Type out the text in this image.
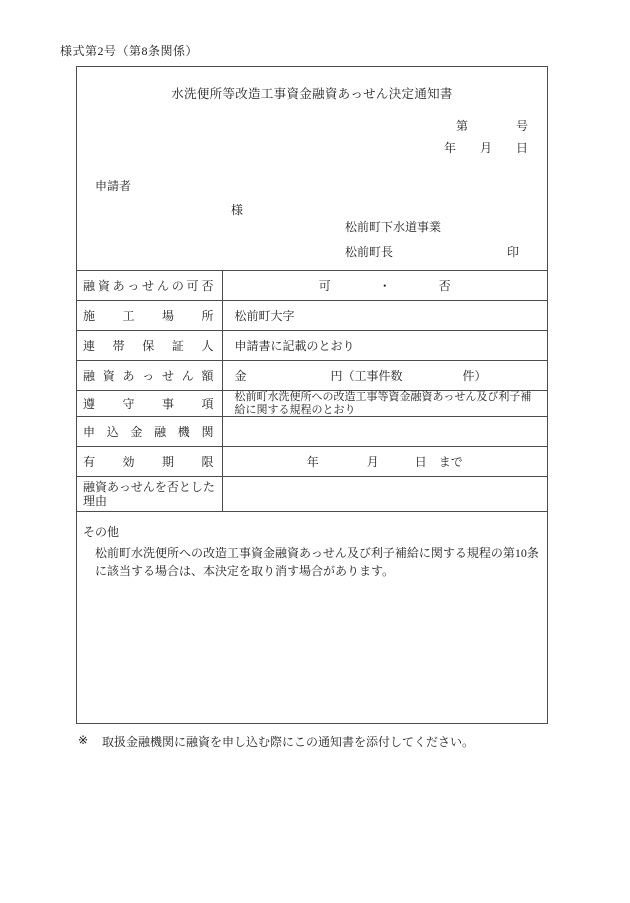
様式第2号（第8条関係）
水洗便所等改造工事資金融資あっせん決定通知書
第　　　　号
年　　月　　日
申請者
様
松前町下水道事業
松前町長	印
融資あっせんの可否	可　　　　・　　　　否
施工場所	松前町大字
連帯保証人	申請書に記載のとおり
融資あっせん額	金　　　　　　　円（工事件数　　　　　件）
遵守事項	松前町水洗便所への改造工事等資金融資あっせん及び利子補給に関する規程のとおり

申込金融機関	
有効期限	年　　　　月　　　日　まで
融資あっせんを否とした理由	
その他
松前町水洗便所への改造工事資金融資あっせん及び利子補給に関する規程の第10条に該当する場合は、本決定を取り消す場合があります。
※	取扱金融機関に融資を申し込む際にこの通知書を添付してください。
